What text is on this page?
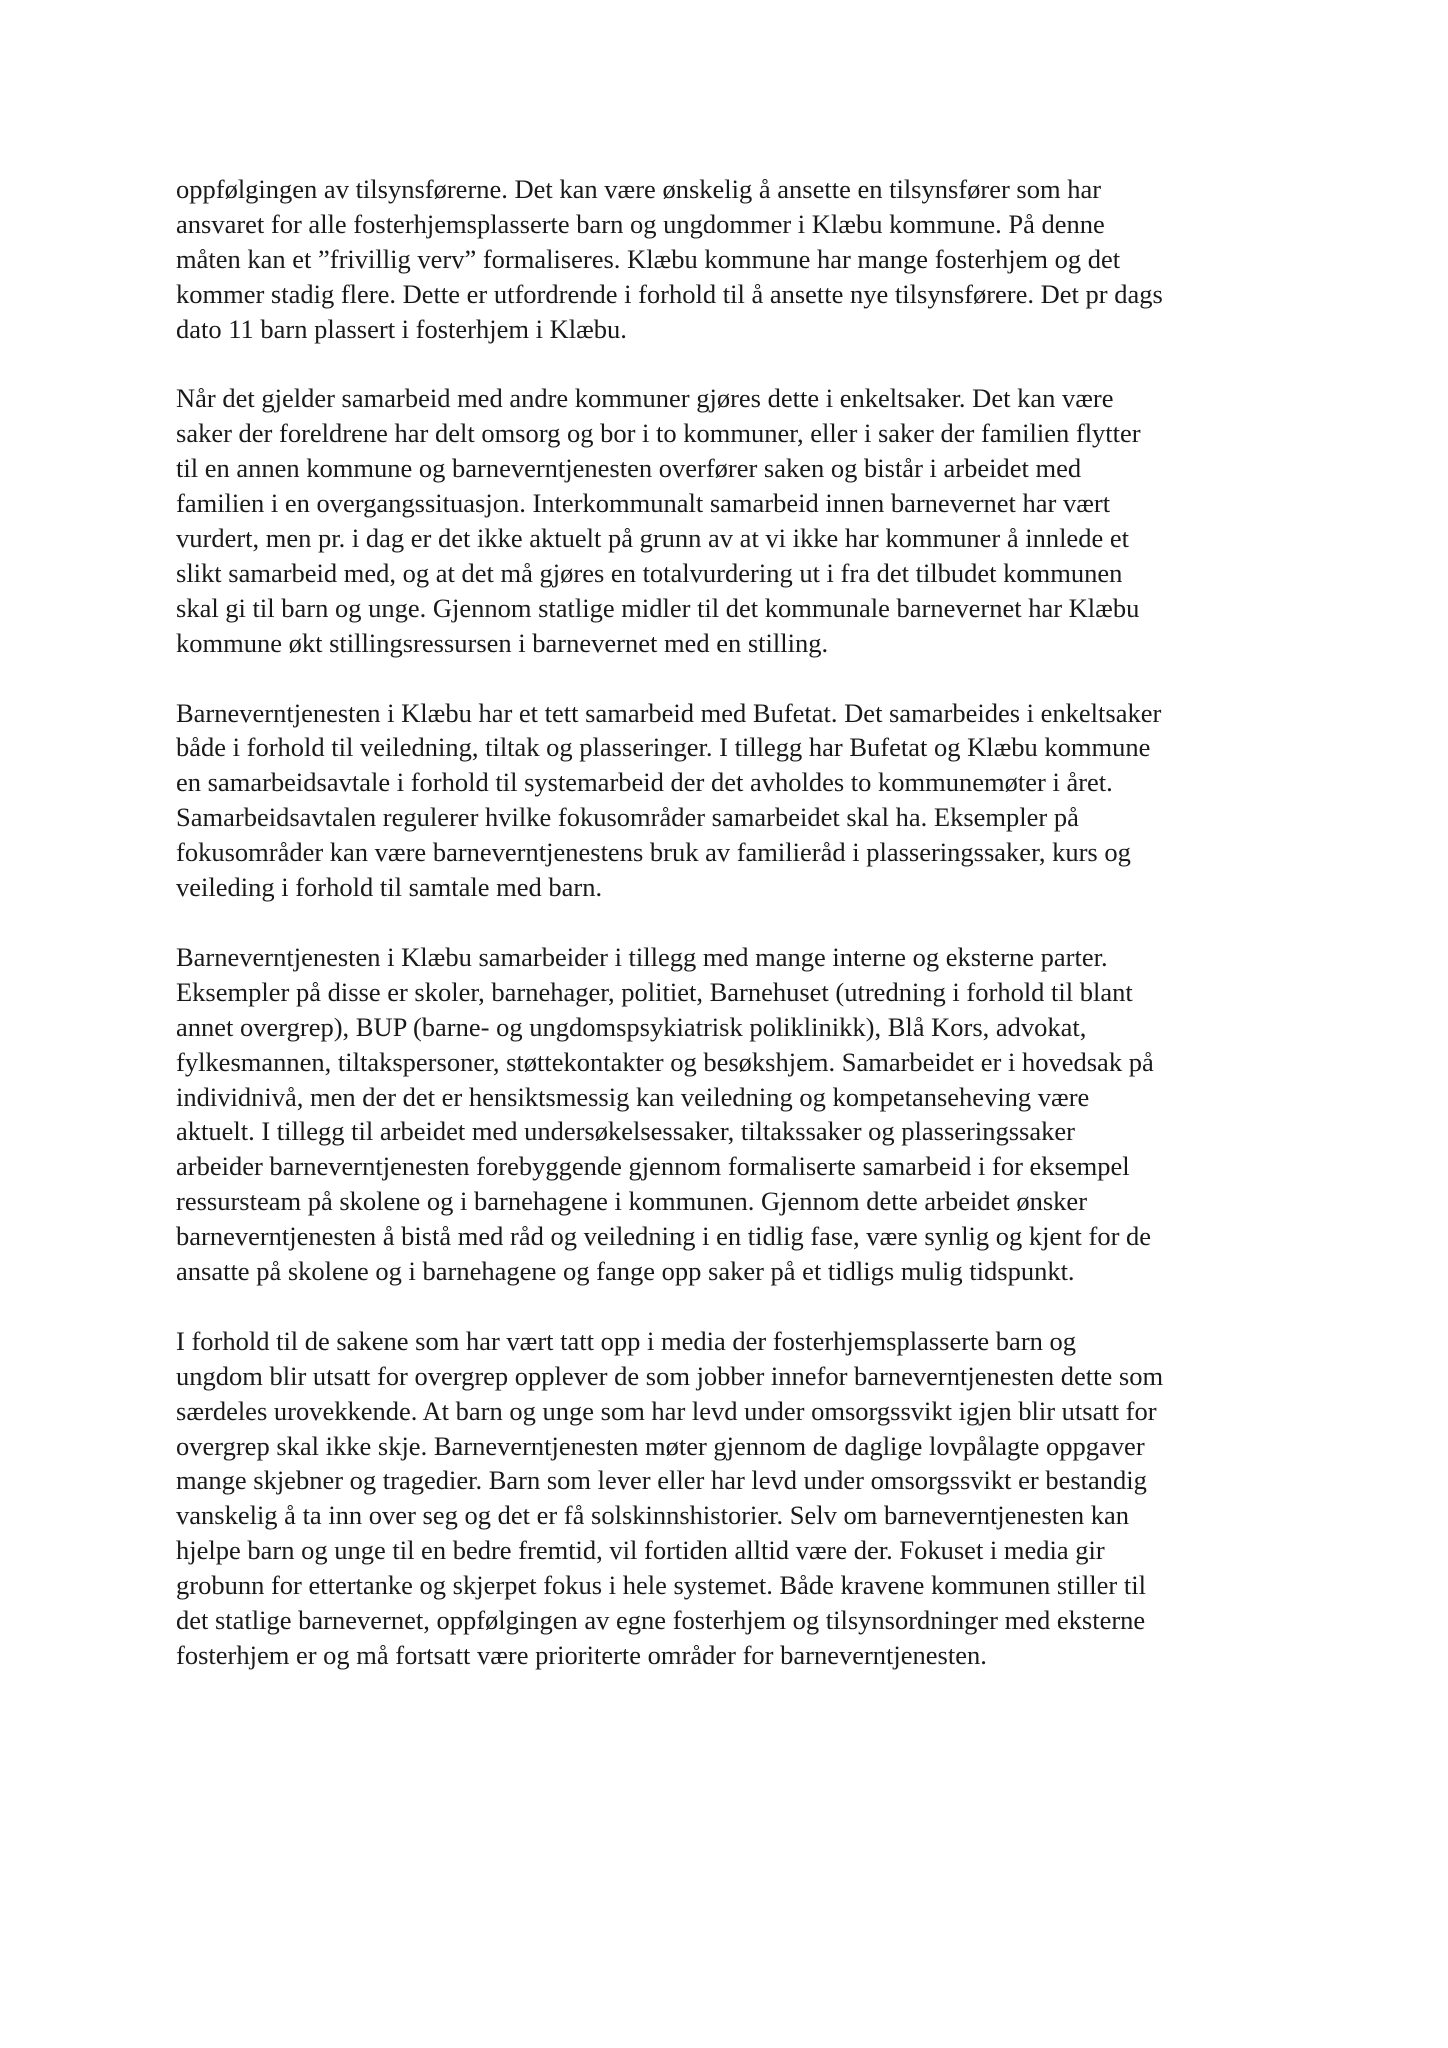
oppfølgingen av tilsynsførerne. Det kan være ønskelig å ansette en tilsynsfører som har
ansvaret for alle fosterhjemsplasserte barn og ungdommer i Klæbu kommune. På denne
måten kan et ”frivillig verv” formaliseres. Klæbu kommune har mange fosterhjem og det
kommer stadig flere. Dette er utfordrende i forhold til å ansette nye tilsynsførere. Det pr dags
dato 11 barn plassert i fosterhjem i Klæbu.

Når det gjelder samarbeid med andre kommuner gjøres dette i enkeltsaker. Det kan være
saker der foreldrene har delt omsorg og bor i to kommuner, eller i saker der familien flytter
til en annen kommune og barneverntjenesten overfører saken og bistår i arbeidet med
familien i en overgangssituasjon. Interkommunalt samarbeid innen barnevernet har vært
vurdert, men pr. i dag er det ikke aktuelt på grunn av at vi ikke har kommuner å innlede et
slikt samarbeid med, og at det må gjøres en totalvurdering ut i fra det tilbudet kommunen
skal gi til barn og unge. Gjennom statlige midler til det kommunale barnevernet har Klæbu
kommune økt stillingsressursen i barnevernet med en stilling.

Barneverntjenesten i Klæbu har et tett samarbeid med Bufetat. Det samarbeides i enkeltsaker
både i forhold til veiledning, tiltak og plasseringer. I tillegg har Bufetat og Klæbu kommune
en samarbeidsavtale i forhold til systemarbeid der det avholdes to kommunemøter i året.
Samarbeidsavtalen regulerer hvilke fokusområder samarbeidet skal ha. Eksempler på
fokusområder kan være barneverntjenestens bruk av familieråd i plasseringssaker, kurs og
veileding i forhold til samtale med barn.

Barneverntjenesten i Klæbu samarbeider i tillegg med mange interne og eksterne parter.
Eksempler på disse er skoler, barnehager, politiet, Barnehuset (utredning i forhold til blant
annet overgrep), BUP (barne- og ungdomspsykiatrisk poliklinikk), Blå Kors, advokat,
fylkesmannen, tiltakspersoner, støttekontakter og besøkshjem. Samarbeidet er i hovedsak på
individnivå, men der det er hensiktsmessig kan veiledning og kompetanseheving være
aktuelt. I tillegg til arbeidet med undersøkelsessaker, tiltakssaker og plasseringssaker
arbeider barneverntjenesten forebyggende gjennom formaliserte samarbeid i for eksempel
ressursteam på skolene og i barnehagene i kommunen. Gjennom dette arbeidet ønsker
barneverntjenesten å bistå med råd og veiledning i en tidlig fase, være synlig og kjent for de
ansatte på skolene og i barnehagene og fange opp saker på et tidligs mulig tidspunkt.

I forhold til de sakene som har vært tatt opp i media der fosterhjemsplasserte barn og
ungdom blir utsatt for overgrep opplever de som jobber innefor barneverntjenesten dette som
særdeles urovekkende. At barn og unge som har levd under omsorgssvikt igjen blir utsatt for
overgrep skal ikke skje. Barneverntjenesten møter gjennom de daglige lovpålagte oppgaver
mange skjebner og tragedier. Barn som lever eller har levd under omsorgssvikt er bestandig
vanskelig å ta inn over seg og det er få solskinnshistorier. Selv om barneverntjenesten kan
hjelpe barn og unge til en bedre fremtid, vil fortiden alltid være der. Fokuset i media gir
grobunn for ettertanke og skjerpet fokus i hele systemet. Både kravene kommunen stiller til
det statlige barnevernet, oppfølgingen av egne fosterhjem og tilsynsordninger med eksterne
fosterhjem er og må fortsatt være prioriterte områder for barneverntjenesten.
